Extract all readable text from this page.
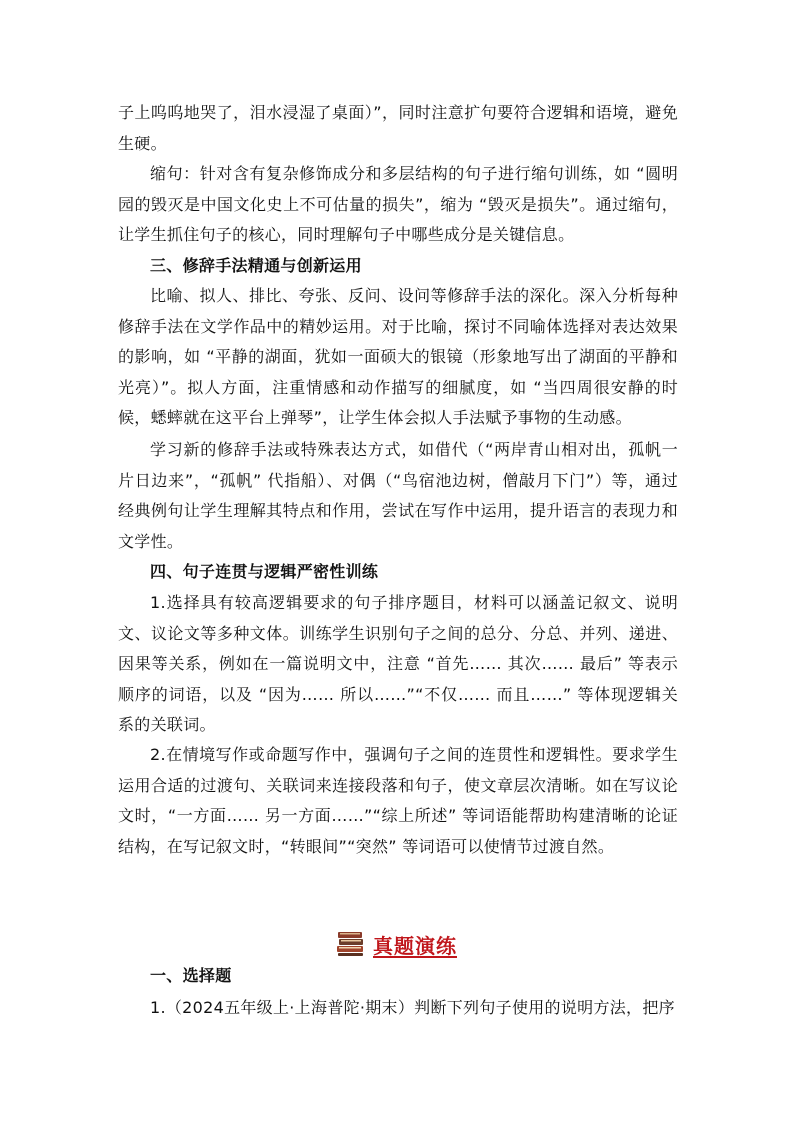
子上呜呜地哭了，泪水浸湿了桌面）”，同时注意扩句要符合逻辑和语境，避免生硬。

缩句：针对含有复杂修饰成分和多层结构的句子进行缩句训练，如 “圆明园的毁灭是中国文化史上不可估量的损失”，缩为 “毁灭是损失”。通过缩句，让学生抓住句子的核心，同时理解句子中哪些成分是关键信息。

三、修辞手法精通与创新运用

比喻、拟人、排比、夸张、反问、设问等修辞手法的深化。深入分析每种修辞手法在文学作品中的精妙运用。对于比喻，探讨不同喻体选择对表达效果的影响，如 “平静的湖面，犹如一面硕大的银镜（形象地写出了湖面的平静和光亮）”。拟人方面，注重情感和动作描写的细腻度，如 “当四周很安静的时候，蟋蟀就在这平台上弹琴”，让学生体会拟人手法赋予事物的生动感。

学习新的修辞手法或特殊表达方式，如借代（“两岸青山相对出，孤帆一片日边来”，“孤帆” 代指船）、对偶（“鸟宿池边树，僧敲月下门”）等，通过经典例句让学生理解其特点和作用，尝试在写作中运用，提升语言的表现力和文学性。

四、句子连贯与逻辑严密性训练

1.选择具有较高逻辑要求的句子排序题目，材料可以涵盖记叙文、说明文、议论文等多种文体。训练学生识别句子之间的总分、分总、并列、递进、因果等关系，例如在一篇说明文中，注意 “首先…… 其次…… 最后” 等表示顺序的词语，以及 “因为…… 所以……”“不仅…… 而且……” 等体现逻辑关系的关联词。

2.在情境写作或命题写作中，强调句子之间的连贯性和逻辑性。要求学生运用合适的过渡句、关联词来连接段落和句子，使文章层次清晰。如在写议论文时，“一方面…… 另一方面……”“综上所述” 等词语能帮助构建清晰的论证结构，在写记叙文时，“转眼间”“突然” 等词语可以使情节过渡自然。

真题演练

一、选择题

1.（2024五年级上·上海普陀·期末）判断下列句子使用的说明方法，把序
